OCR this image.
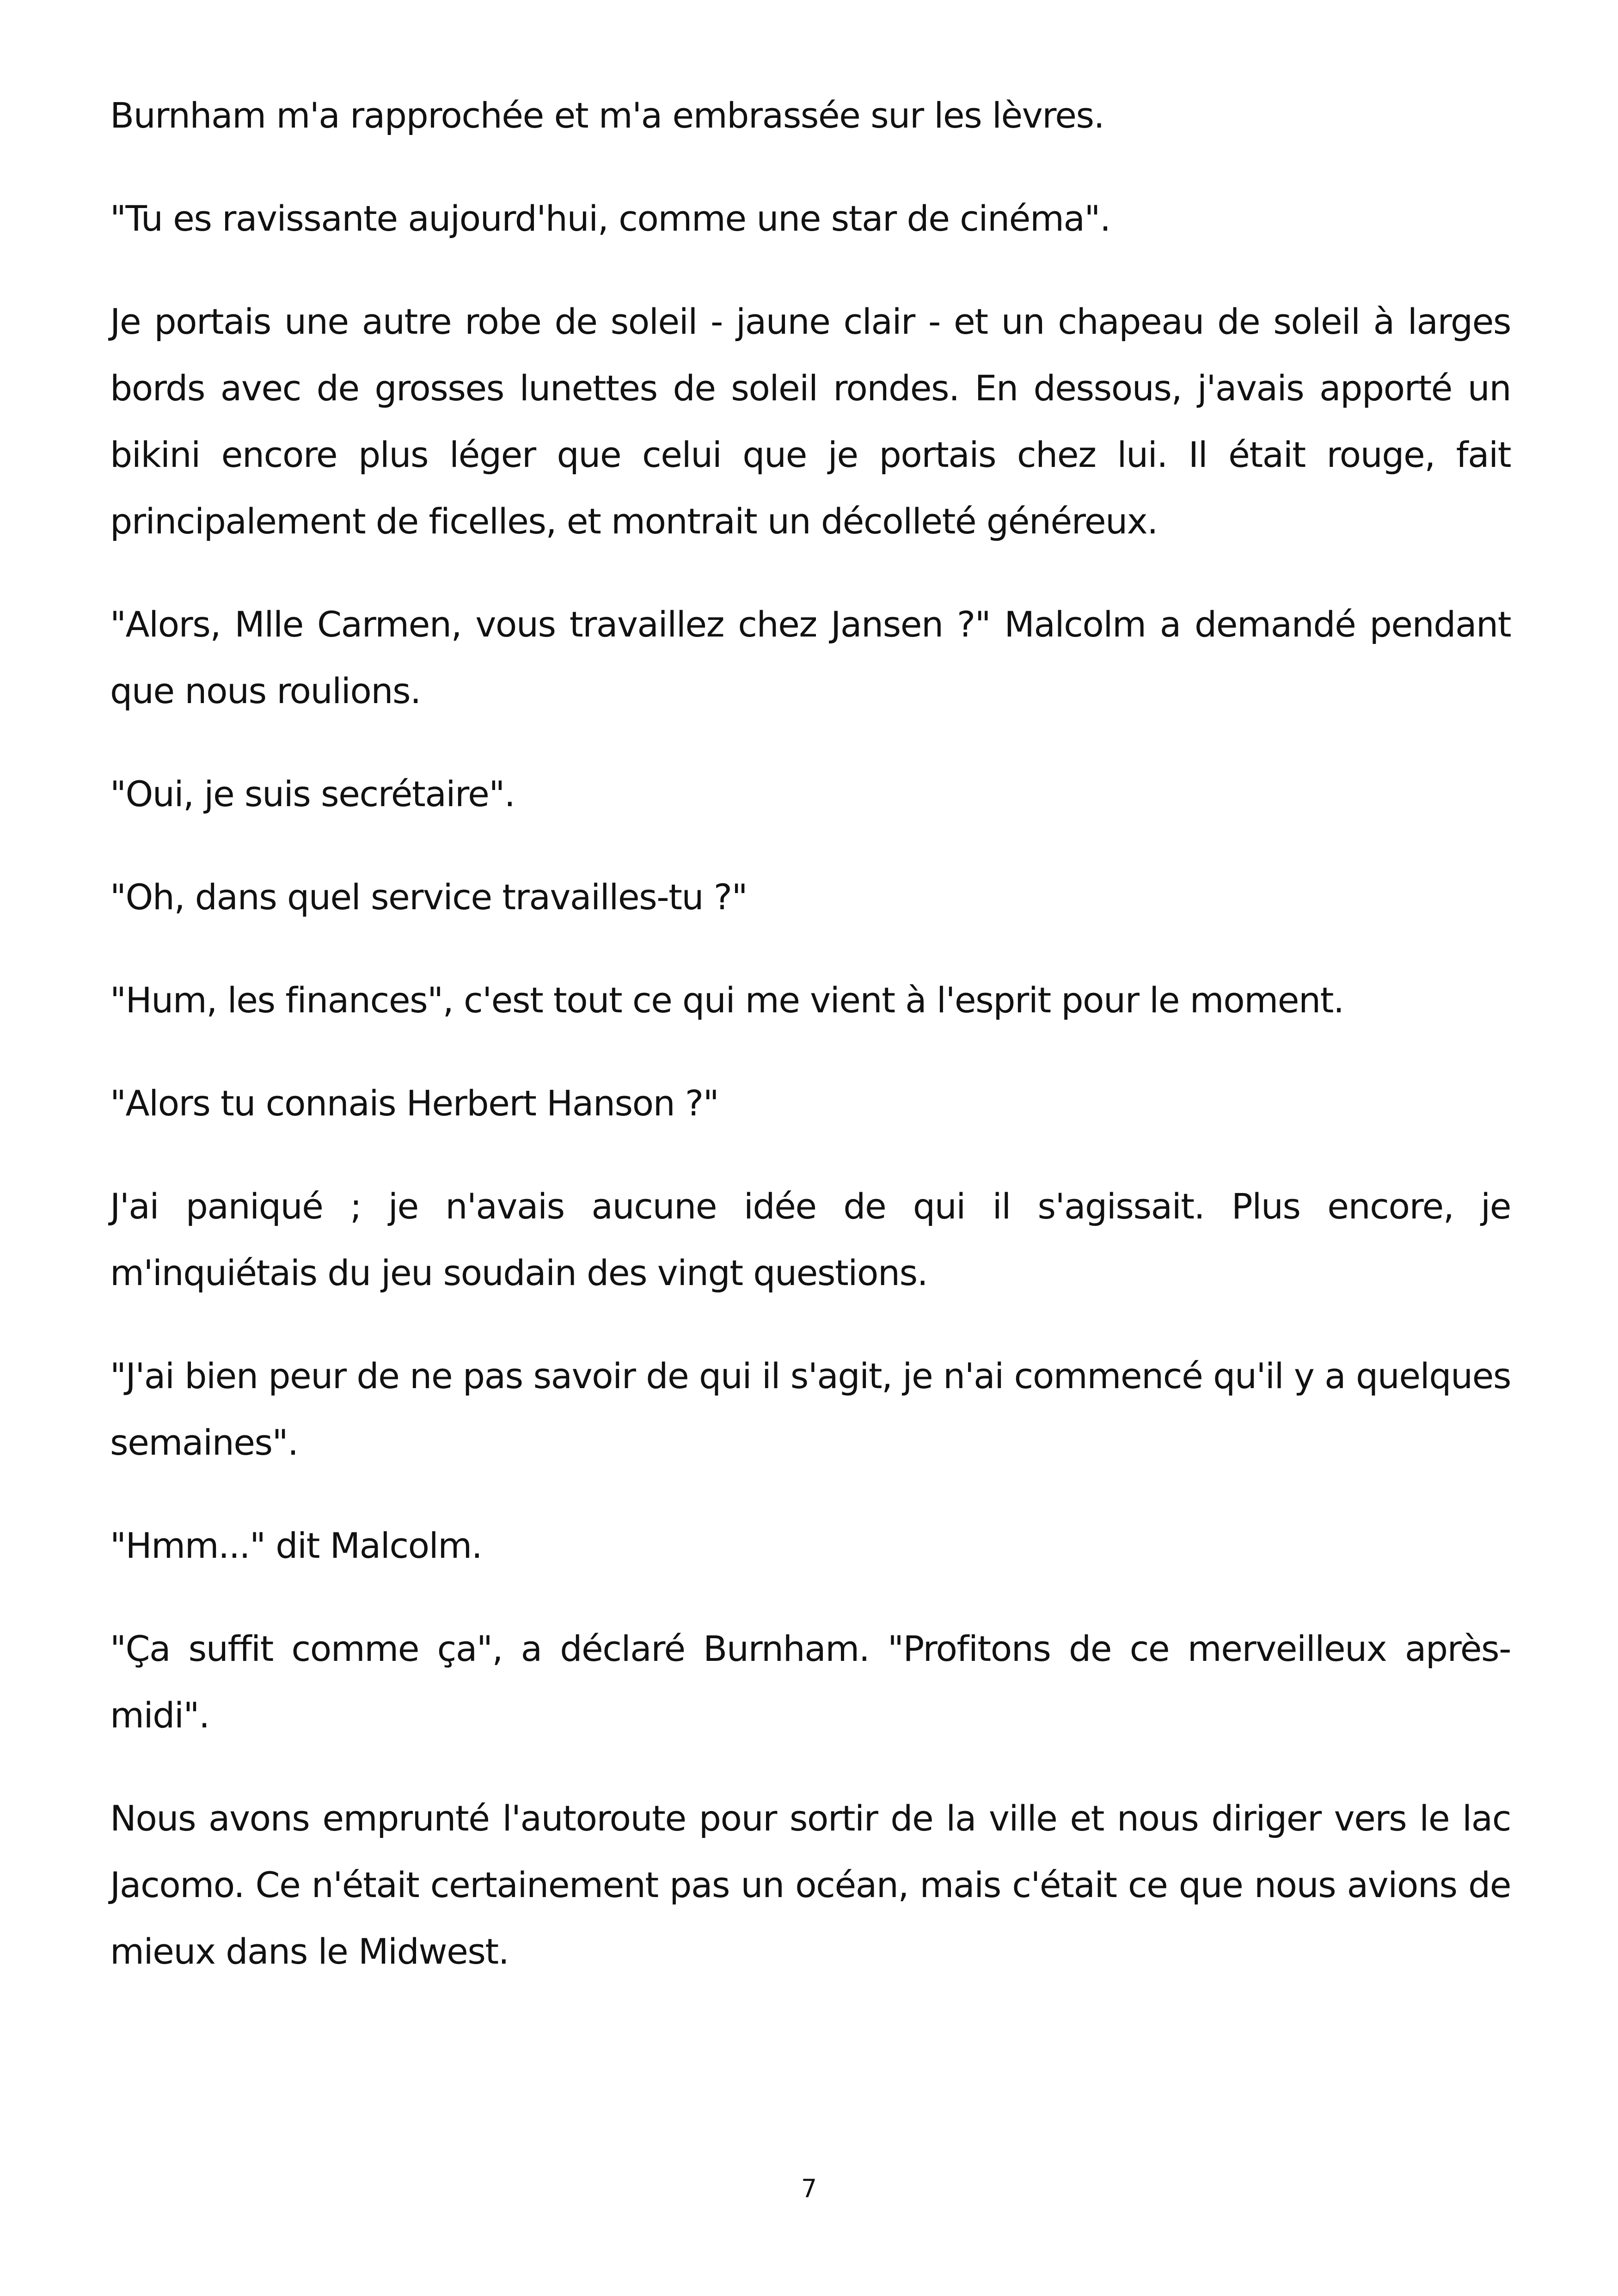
Burnham m'a rapprochée et m'a embrassée sur les lèvres.

"Tu es ravissante aujourd'hui, comme une star de cinéma".

Je portais une autre robe de soleil - jaune clair - et un chapeau de soleil à larges bords avec de grosses lunettes de soleil rondes. En dessous, j'avais apporté un bikini encore plus léger que celui que je portais chez lui. Il était rouge, fait principalement de ficelles, et montrait un décolleté généreux.

"Alors, Mlle Carmen, vous travaillez chez Jansen ?" Malcolm a demandé pendant que nous roulions.

"Oui, je suis secrétaire".

"Oh, dans quel service travailles-tu ?"

"Hum, les finances", c'est tout ce qui me vient à l'esprit pour le moment.

"Alors tu connais Herbert Hanson ?"

J'ai paniqué ; je n'avais aucune idée de qui il s'agissait. Plus encore, je m'inquiétais du jeu soudain des vingt questions.

"J'ai bien peur de ne pas savoir de qui il s'agit, je n'ai commencé qu'il y a quelques semaines".

"Hmm..." dit Malcolm.

"Ça suffit comme ça", a déclaré Burnham. "Profitons de ce merveilleux après-midi".

Nous avons emprunté l'autoroute pour sortir de la ville et nous diriger vers le lac Jacomo. Ce n'était certainement pas un océan, mais c'était ce que nous avions de mieux dans le Midwest.

7
